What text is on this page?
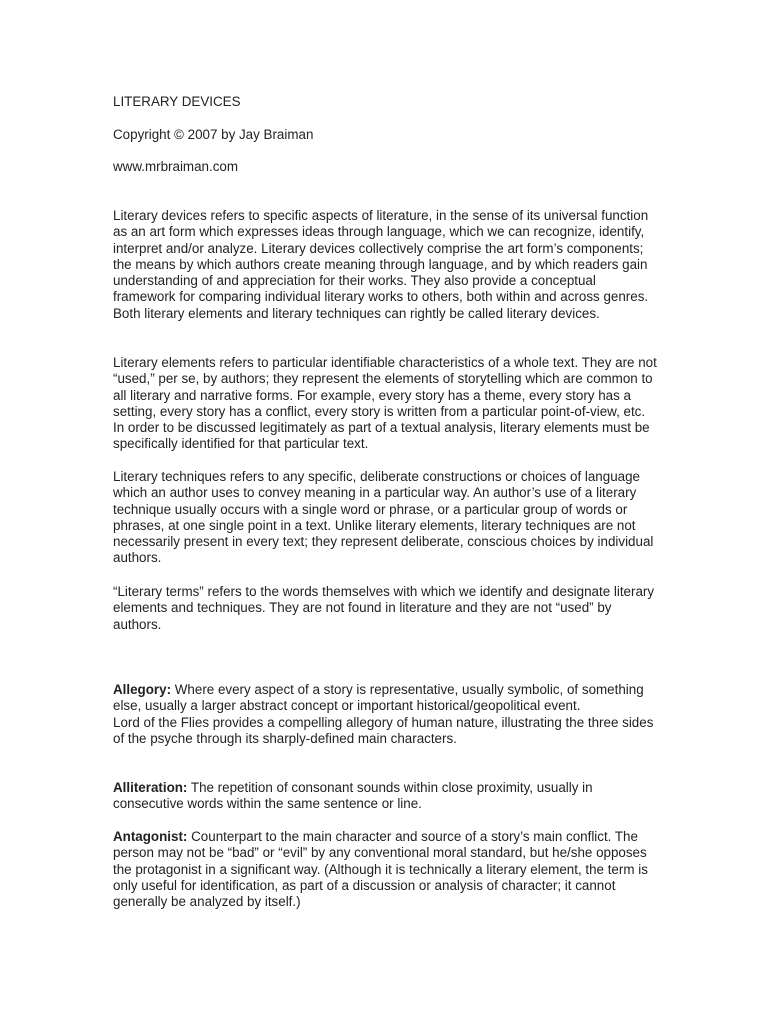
LITERARY DEVICES

Copyright © 2007 by Jay Braiman

www.mrbraiman.com

Literary devices refers to specific aspects of literature, in the sense of its universal function as an art form which expresses ideas through language, which we can recognize, identify, interpret and/or analyze. Literary devices collectively comprise the art form’s components; the means by which authors create meaning through language, and by which readers gain understanding of and appreciation for their works. They also provide a conceptual framework for comparing individual literary works to others, both within and across genres. Both literary elements and literary techniques can rightly be called literary devices.

Literary elements refers to particular identifiable characteristics of a whole text. They are not “used,” per se, by authors; they represent the elements of storytelling which are common to all literary and narrative forms. For example, every story has a theme, every story has a setting, every story has a conflict, every story is written from a particular point-of-view, etc. In order to be discussed legitimately as part of a textual analysis, literary elements must be specifically identified for that particular text.

Literary techniques refers to any specific, deliberate constructions or choices of language which an author uses to convey meaning in a particular way. An author’s use of a literary technique usually occurs with a single word or phrase, or a particular group of words or phrases, at one single point in a text. Unlike literary elements, literary techniques are not necessarily present in every text; they represent deliberate, conscious choices by individual authors.

“Literary terms” refers to the words themselves with which we identify and designate literary elements and techniques. They are not found in literature and they are not “used” by authors.

Allegory: Where every aspect of a story is representative, usually symbolic, of something else, usually a larger abstract concept or important historical/geopolitical event.
Lord of the Flies provides a compelling allegory of human nature, illustrating the three sides of the psyche through its sharply-defined main characters.
Alliteration: The repetition of consonant sounds within close proximity, usually in consecutive words within the same sentence or line.
Antagonist: Counterpart to the main character and source of a story’s main conflict. The person may not be “bad” or “evil” by any conventional moral standard, but he/she opposes the protagonist in a significant way. (Although it is technically a literary element, the term is only useful for identification, as part of a discussion or analysis of character; it cannot generally be analyzed by itself.)
